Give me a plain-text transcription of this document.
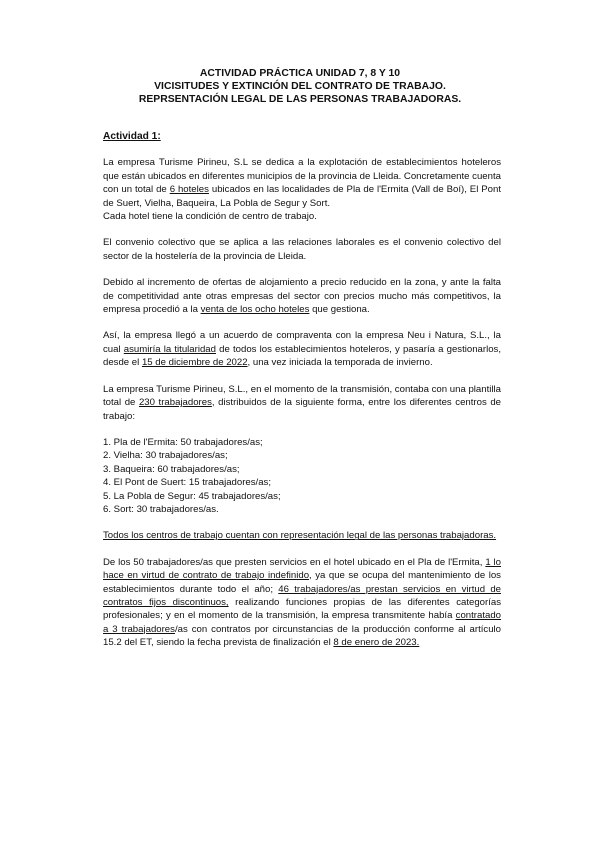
ACTIVIDAD PRÁCTICA UNIDAD 7, 8 Y 10
VICISITUDES Y EXTINCIÓN DEL CONTRATO DE TRABAJO.
REPRSENTACIÓN LEGAL DE LAS PERSONAS TRABAJADORAS.
Actividad 1:

La empresa Turisme Pirineu, S.L se dedica a la explotación de establecimientos hoteleros que están ubicados en diferentes municipios de la provincia de Lleida. Concretamente cuenta con un total de 6 hoteles ubicados en las localidades de Pla de l'Ermita (Vall de Boí), El Pont de Suert, Vielha, Baqueira, La Pobla de Segur y Sort.
Cada hotel tiene la condición de centro de trabajo.

El convenio colectivo que se aplica a las relaciones laborales es el convenio colectivo del sector de la hostelería de la provincia de Lleida.

Debido al incremento de ofertas de alojamiento a precio reducido en la zona, y ante la falta de competitividad ante otras empresas del sector con precios mucho más competitivos, la empresa procedió a la venta de los ocho hoteles que gestiona.

Así, la empresa llegó a un acuerdo de compraventa con la empresa Neu i Natura, S.L., la cual asumiría la titularidad de todos los establecimientos hoteleros, y pasaría a gestionarlos, desde el 15 de diciembre de 2022, una vez iniciada la temporada de invierno.

La empresa Turisme Pirineu, S.L., en el momento de la transmisión, contaba con una plantilla total de 230 trabajadores, distribuidos de la siguiente forma, entre los diferentes centros de trabajo:

1. Pla de l'Ermita: 50 trabajadores/as;
2. Vielha: 30 trabajadores/as;
3. Baqueira: 60 trabajadores/as;
4. El Pont de Suert: 15 trabajadores/as;
5. La Pobla de Segur: 45 trabajadores/as;
6. Sort: 30 trabajadores/as.

Todos los centros de trabajo cuentan con representación legal de las personas trabajadoras.

De los 50 trabajadores/as que presten servicios en el hotel ubicado en el Pla de l'Ermita, 1 lo hace en virtud de contrato de trabajo indefinido, ya que se ocupa del mantenimiento de los establecimientos durante todo el año; 46 trabajadores/as prestan servicios en virtud de contratos fijos discontinuos, realizando funciones propias de las diferentes categorías profesionales; y en el momento de la transmisión, la empresa transmitente había contratado a 3 trabajadores/as con contratos por circunstancias de la producción conforme al artículo 15.2 del ET, siendo la fecha prevista de finalización el 8 de enero de 2023.
